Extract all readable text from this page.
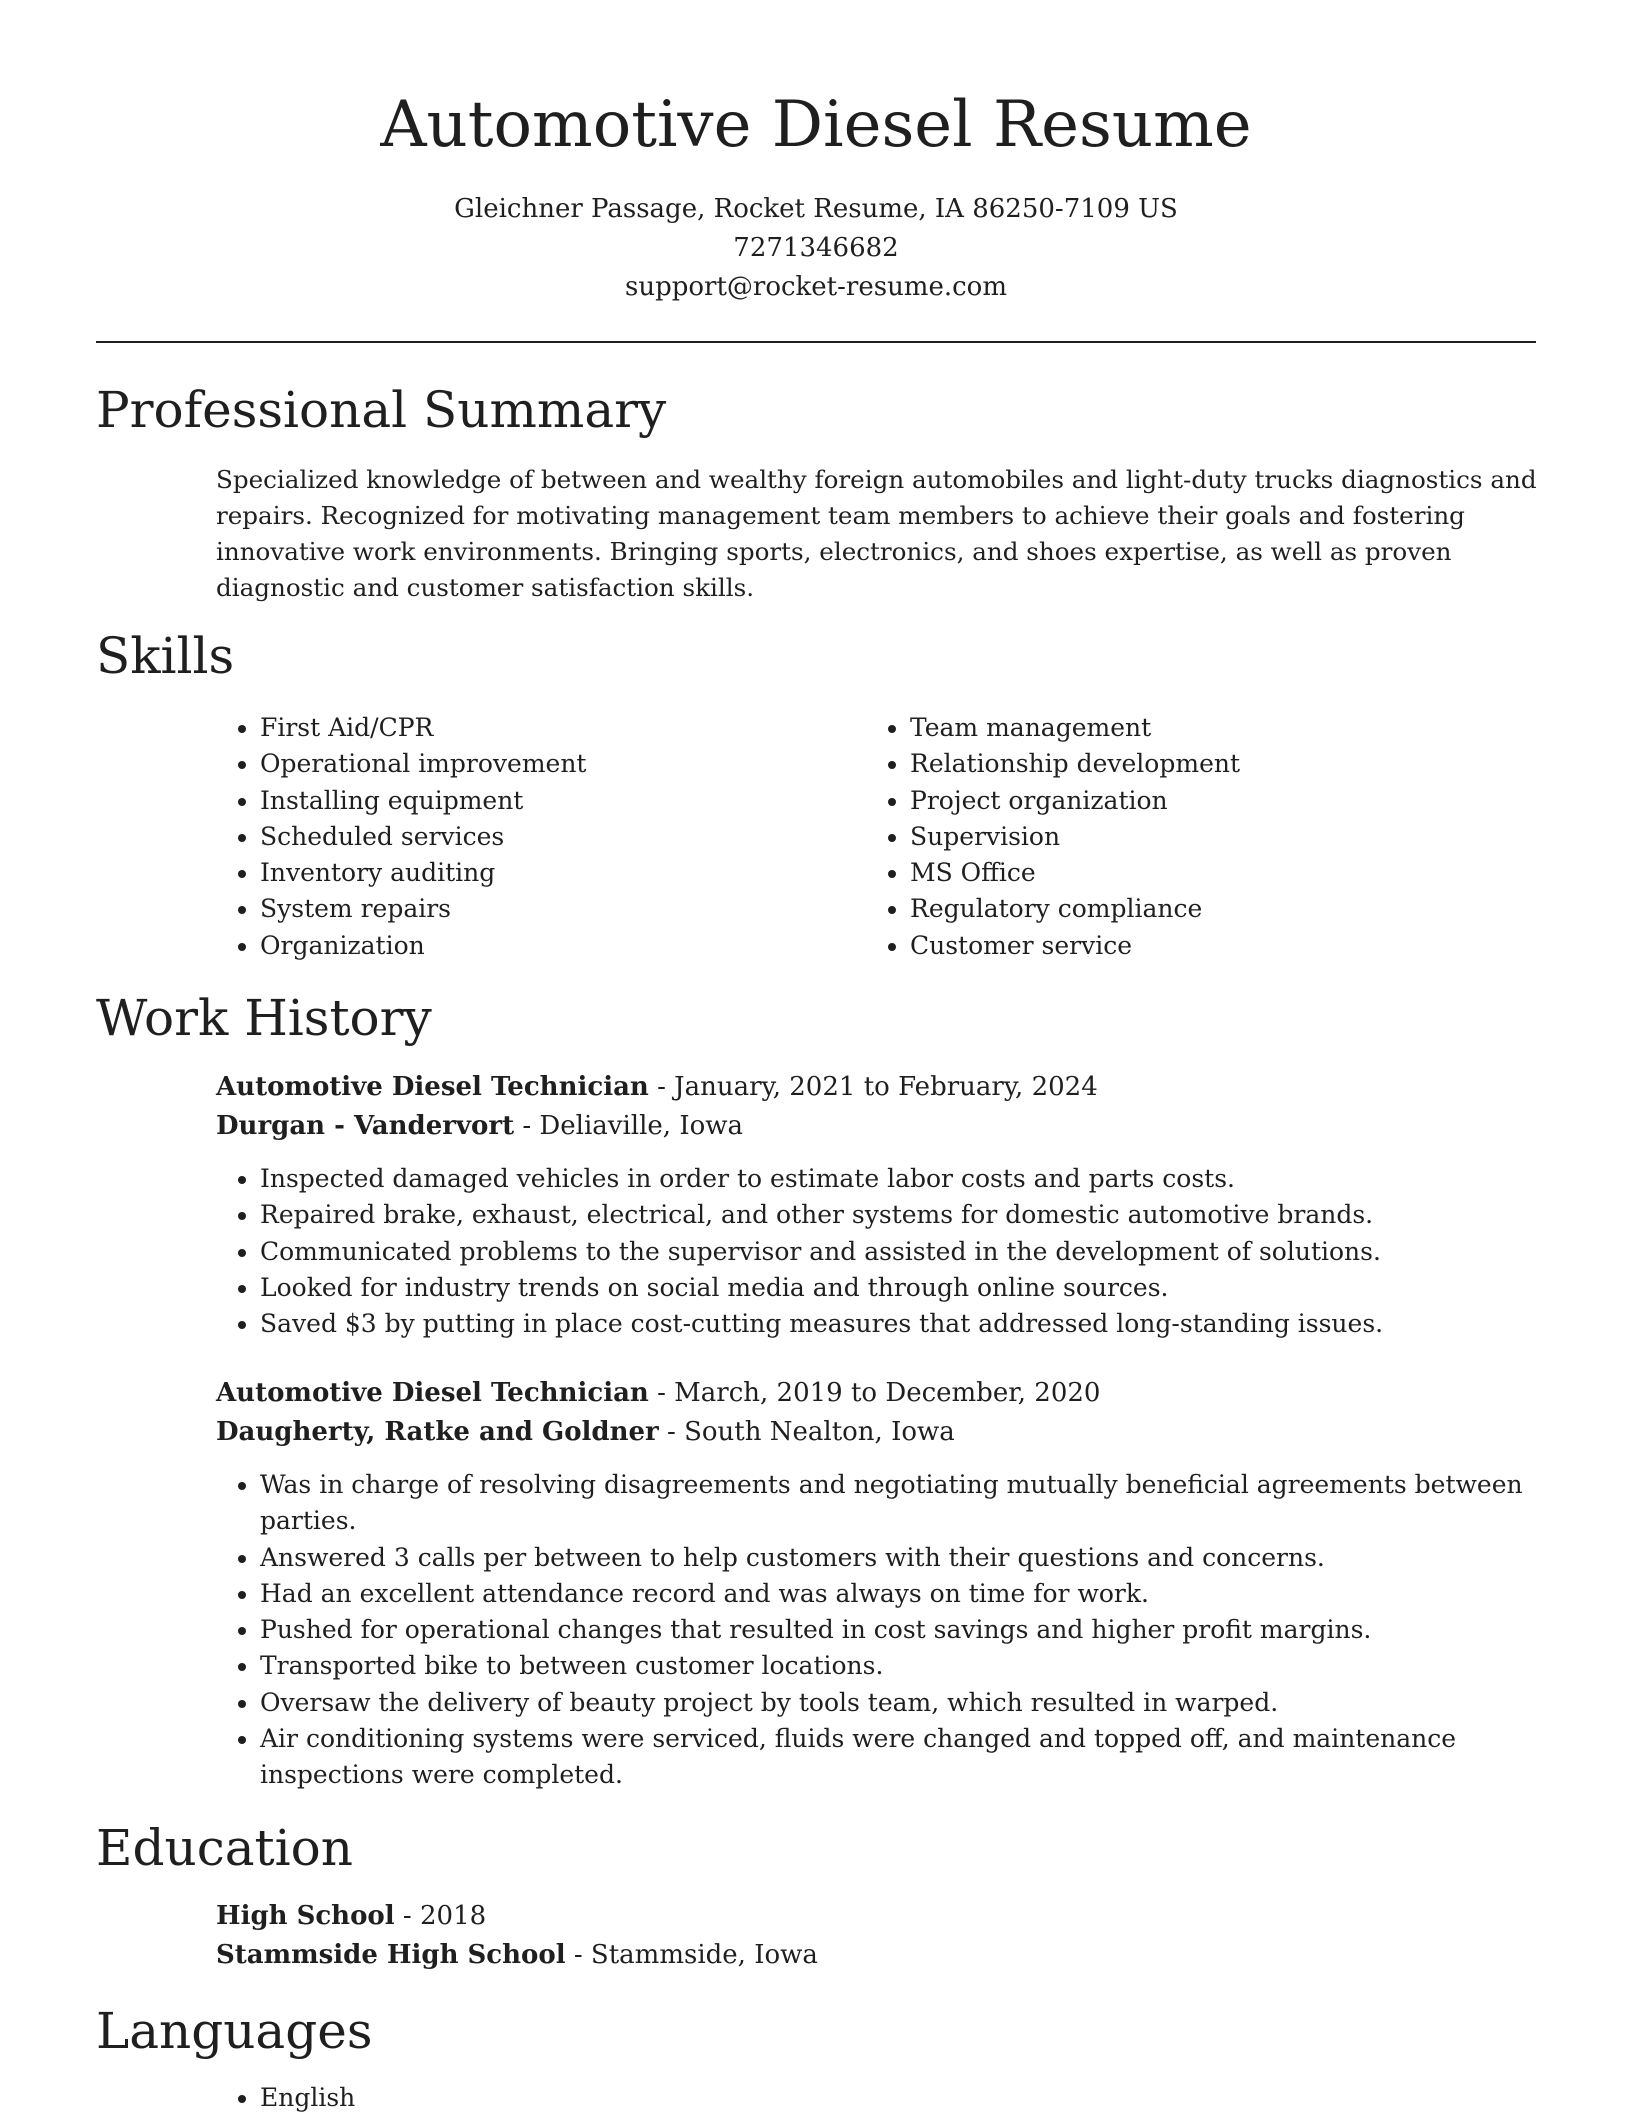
Automotive Diesel Resume

Gleichner Passage, Rocket Resume, IA 86250-7109 US

7271346682

support@rocket-resume.com

Professional Summary

Specialized knowledge of between and wealthy foreign automobiles and light-duty trucks diagnostics and repairs. Recognized for motivating management team members to achieve their goals and fostering innovative work environments. Bringing sports, electronics, and shoes expertise, as well as proven diagnostic and customer satisfaction skills.

Skills
• First Aid/CPR
• Operational improvement
• Installing equipment
• Scheduled services
• Inventory auditing
• System repairs
• Organization
• Team management
• Relationship development
• Project organization
• Supervision
• MS Office
• Regulatory compliance
• Customer service
Work History

Automotive Diesel Technician - January, 2021 to February, 2024

Durgan - Vandervort - Deliaville, Iowa

• Inspected damaged vehicles in order to estimate labor costs and parts costs.
• Repaired brake, exhaust, electrical, and other systems for domestic automotive brands.
• Communicated problems to the supervisor and assisted in the development of solutions.
• Looked for industry trends on social media and through online sources.
• Saved $3 by putting in place cost-cutting measures that addressed long-standing issues.

Automotive Diesel Technician - March, 2019 to December, 2020

Daugherty, Ratke and Goldner - South Nealton, Iowa

• Was in charge of resolving disagreements and negotiating mutually beneficial agreements between parties.
• Answered 3 calls per between to help customers with their questions and concerns.
• Had an excellent attendance record and was always on time for work.
• Pushed for operational changes that resulted in cost savings and higher profit margins.
• Transported bike to between customer locations.
• Oversaw the delivery of beauty project by tools team, which resulted in warped.
• Air conditioning systems were serviced, fluids were changed and topped off, and maintenance inspections were completed.
Education

High School - 2018

Stammside High School - Stammside, Iowa

Languages
• English
